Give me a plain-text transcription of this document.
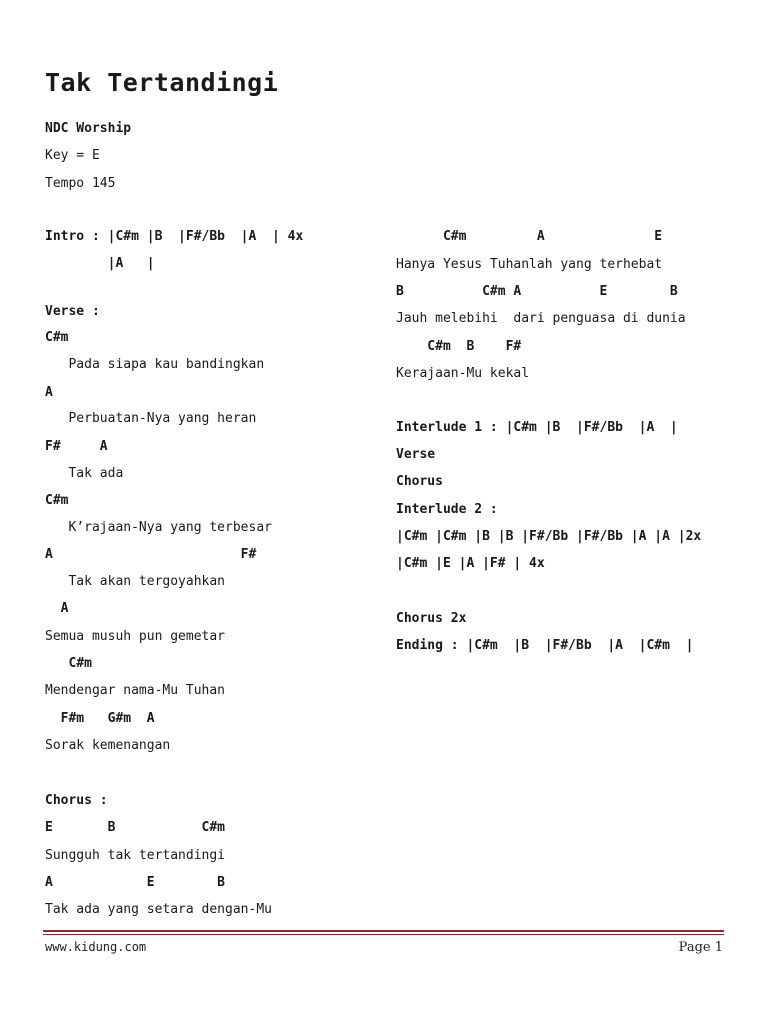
Tak Tertandingi
NDC Worship
Key = E
Tempo 145
Intro : |C#m |B  |F#/Bb  |A  | 4x
|A   |
Verse :
C#m
Pada siapa kau bandingkan
A
Perbuatan-Nya yang heran
F#     A
Tak ada
C#m
K’rajaan-Nya yang terbesar
A                        F#
Tak akan tergoyahkan
A
Semua musuh pun gemetar
C#m
Mendengar nama-Mu Tuhan
F#m   G#m  A
Sorak kemenangan
Chorus :
E       B           C#m
Sungguh tak tertandingi
A            E        B
Tak ada yang setara dengan-Mu
C#m         A              E
Hanya Yesus Tuhanlah yang terhebat
B          C#m A          E        B
Jauh melebihi  dari penguasa di dunia
C#m  B    F#
Kerajaan-Mu kekal
Interlude 1 : |C#m |B  |F#/Bb  |A  |
Verse
Chorus
Interlude 2 :
|C#m |C#m |B |B |F#/Bb |F#/Bb |A |A |2x
|C#m |E |A |F# | 4x
Chorus 2x
Ending : |C#m  |B  |F#/Bb  |A  |C#m  |
www.kidung.com	Page 1
